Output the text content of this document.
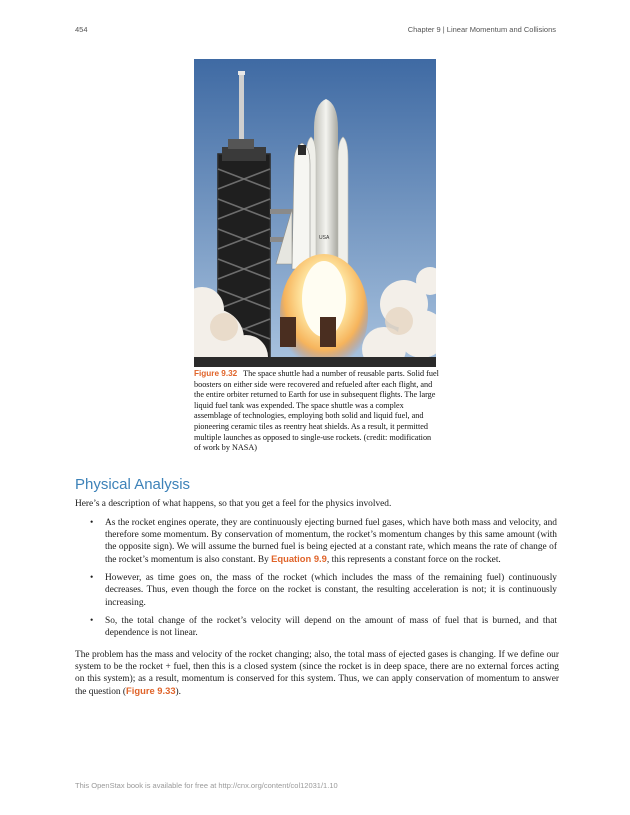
454	Chapter 9 | Linear Momentum and Collisions
USA
Figure 9.32 The space shuttle had a number of reusable parts. Solid fuel boosters on either side were recovered and refueled after each flight, and the entire orbiter returned to Earth for use in subsequent flights. The large liquid fuel tank was expended. The space shuttle was a complex assemblage of technologies, employing both solid and liquid fuel, and pioneering ceramic tiles as reentry heat shields. As a result, it permitted multiple launches as opposed to single-use rockets. (credit: modification of work by NASA)
Physical Analysis

Here’s a description of what happens, so that you get a feel for the physics involved.

• As the rocket engines operate, they are continuously ejecting burned fuel gases, which have both mass and velocity, and therefore some momentum. By conservation of momentum, the rocket’s momentum changes by this same amount (with the opposite sign). We will assume the burned fuel is being ejected at a constant rate, which means the rate of change of the rocket’s momentum is also constant. By Equation 9.9, this represents a constant force on the rocket.
• However, as time goes on, the mass of the rocket (which includes the mass of the remaining fuel) continuously decreases. Thus, even though the force on the rocket is constant, the resulting acceleration is not; it is continuously increasing.
• So, the total change of the rocket’s velocity will depend on the amount of mass of fuel that is burned, and that dependence is not linear.

The problem has the mass and velocity of the rocket changing; also, the total mass of ejected gases is changing. If we define our system to be the rocket + fuel, then this is a closed system (since the rocket is in deep space, there are no external forces acting on this system); as a result, momentum is conserved for this system. Thus, we can apply conservation of momentum to answer the question (Figure 9.33).

This OpenStax book is available for free at http://cnx.org/content/col12031/1.10
